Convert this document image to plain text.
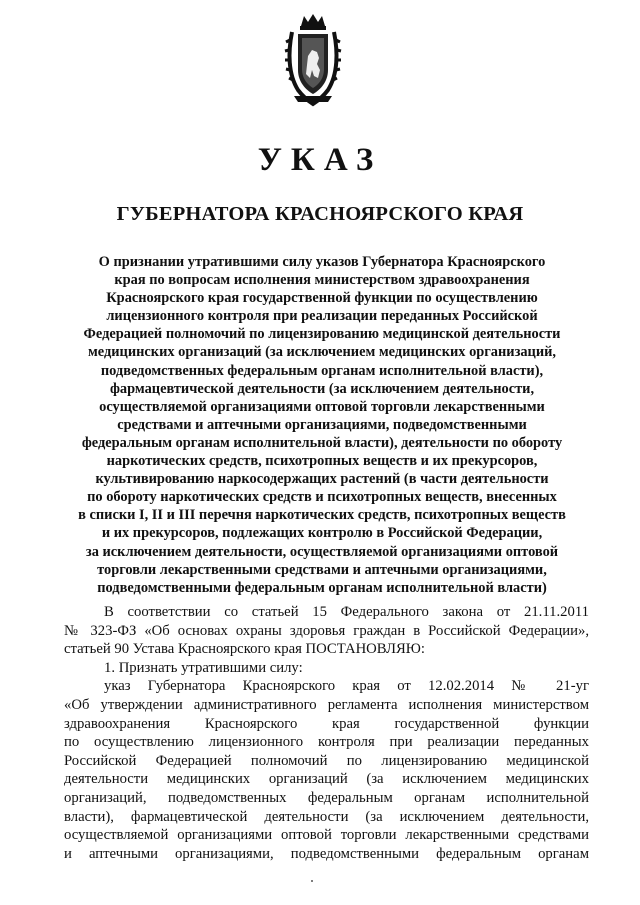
УКАЗ
ГУБЕРНАТОРА КРАСНОЯРСКОГО КРАЯ
О признании утратившими силу указов Губернатора Красноярского
края по вопросам исполнения министерством здравоохранения
Красноярского края государственной функции по осуществлению
лицензионного контроля при реализации переданных Российской
Федерацией полномочий по лицензированию медицинской деятельности
медицинских организаций (за исключением медицинских организаций,
подведомственных федеральным органам исполнительной власти),
фармацевтической деятельности (за исключением деятельности,
осуществляемой организациями оптовой торговли лекарственными
средствами и аптечными организациями, подведомственными
федеральным органам исполнительной власти), деятельности по обороту
наркотических средств, психотропных веществ и их прекурсоров,
культивированию наркосодержащих растений (в части деятельности
по обороту наркотических средств и психотропных веществ, внесенных
в списки I, II и III перечня наркотических средств, психотропных веществ
и их прекурсоров, подлежащих контролю в Российской Федерации,
за исключением деятельности, осуществляемой организациями оптовой
торговли лекарственными средствами и аптечными организациями,
подведомственными федеральным органам исполнительной власти)
В соответствии со статьей 15 Федерального закона от 21.11.2011
№ 323-ФЗ «Об основах охраны здоровья граждан в Российской Федерации»,
статьей 90 Устава Красноярского края ПОСТАНОВЛЯЮ:
1. Признать утратившими силу:
указ Губернатора Красноярского края от 12.02.2014 № 21-уг
«Об утверждении административного регламента исполнения министерством
здравоохранения Красноярского края государственной функции
по осуществлению лицензионного контроля при реализации переданных
Российской Федерацией полномочий по лицензированию медицинской
деятельности медицинских организаций (за исключением медицинских
организаций, подведомственных федеральным органам исполнительной
власти), фармацевтической деятельности (за исключением деятельности,
осуществляемой организациями оптовой торговли лекарственными средствами
и аптечными организациями, подведомственными федеральным органам
